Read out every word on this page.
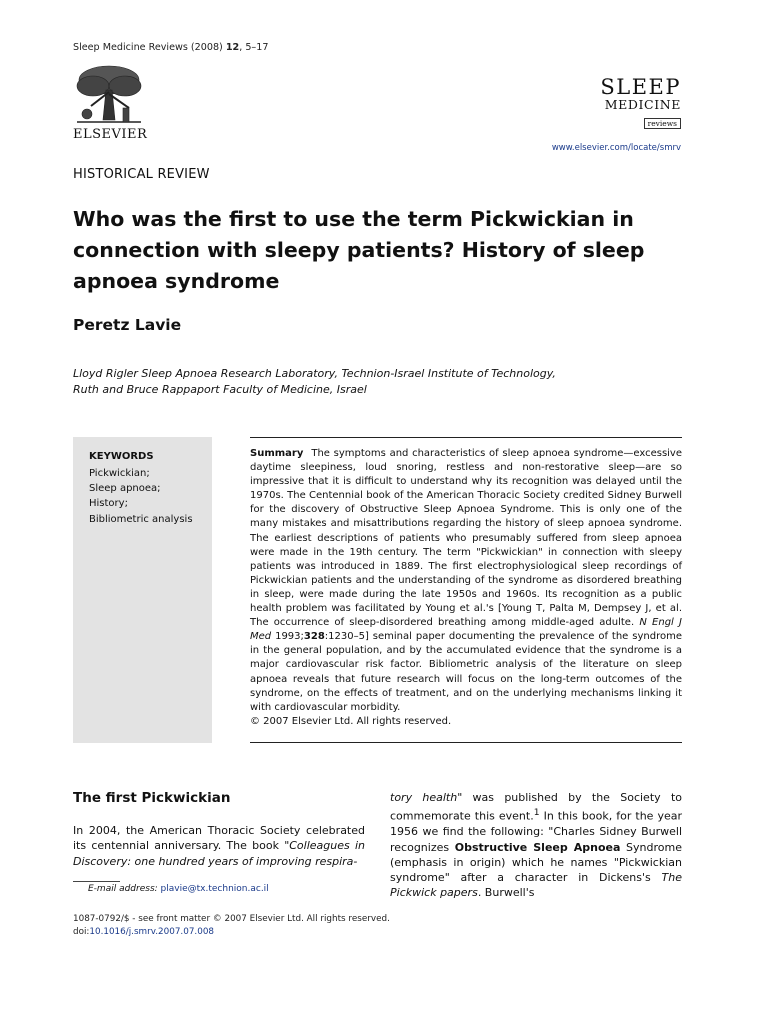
Sleep Medicine Reviews (2008) 12, 5–17
ELSEVIER
SLEEP
MEDICINE
reviews
www.elsevier.com/locate/smrv
HISTORICAL REVIEW
Who was the first to use the term Pickwickian in connection with sleepy patients? History of sleep apnoea syndrome
Peretz Lavie
Lloyd Rigler Sleep Apnoea Research Laboratory, Technion-Israel Institute of Technology,
Ruth and Bruce Rappaport Faculty of Medicine, Israel
KEYWORDS
Pickwickian;
Sleep apnoea;
History;
Bibliometric analysis
Summary The symptoms and characteristics of sleep apnoea syndrome—excessive daytime sleepiness, loud snoring, restless and non-restorative sleep—are so impressive that it is difficult to understand why its recognition was delayed until the 1970s. The Centennial book of the American Thoracic Society credited Sidney Burwell for the discovery of Obstructive Sleep Apnoea Syndrome. This is only one of the many mistakes and misattributions regarding the history of sleep apnoea syndrome. The earliest descriptions of patients who presumably suffered from sleep apnoea were made in the 19th century. The term "Pickwickian" in connection with sleepy patients was introduced in 1889. The first electrophysiological sleep recordings of Pickwickian patients and the understanding of the syndrome as disordered breathing in sleep, were made during the late 1950s and 1960s. Its recognition as a public health problem was facilitated by Young et al.'s [Young T, Palta M, Dempsey J, et al. The occurrence of sleep-disordered breathing among middle-aged adulte. N Engl J Med 1993;328:1230–5] seminal paper documenting the prevalence of the syndrome in the general population, and by the accumulated evidence that the syndrome is a major cardiovascular risk factor. Bibliometric analysis of the literature on sleep apnoea reveals that future research will focus on the long-term outcomes of the syndrome, on the effects of treatment, and on the underlying mechanisms linking it with cardiovascular morbidity.
© 2007 Elsevier Ltd. All rights reserved.
The first Pickwickian
In 2004, the American Thoracic Society celebrated its centennial anniversary. The book "Colleagues in Discovery: one hundred years of improving respira-
E-mail address: plavie@tx.technion.ac.il
tory health" was published by the Society to commemorate this event.$^1$ In this book, for the year 1956 we find the following: "Charles Sidney Burwell recognizes Obstructive Sleep Apnoea Syndrome (emphasis in origin) which he names "Pickwickian syndrome" after a character in Dickens's The Pickwick papers. Burwell's
1087-0792/$ - see front matter © 2007 Elsevier Ltd. All rights reserved.
doi:10.1016/j.smrv.2007.07.008
